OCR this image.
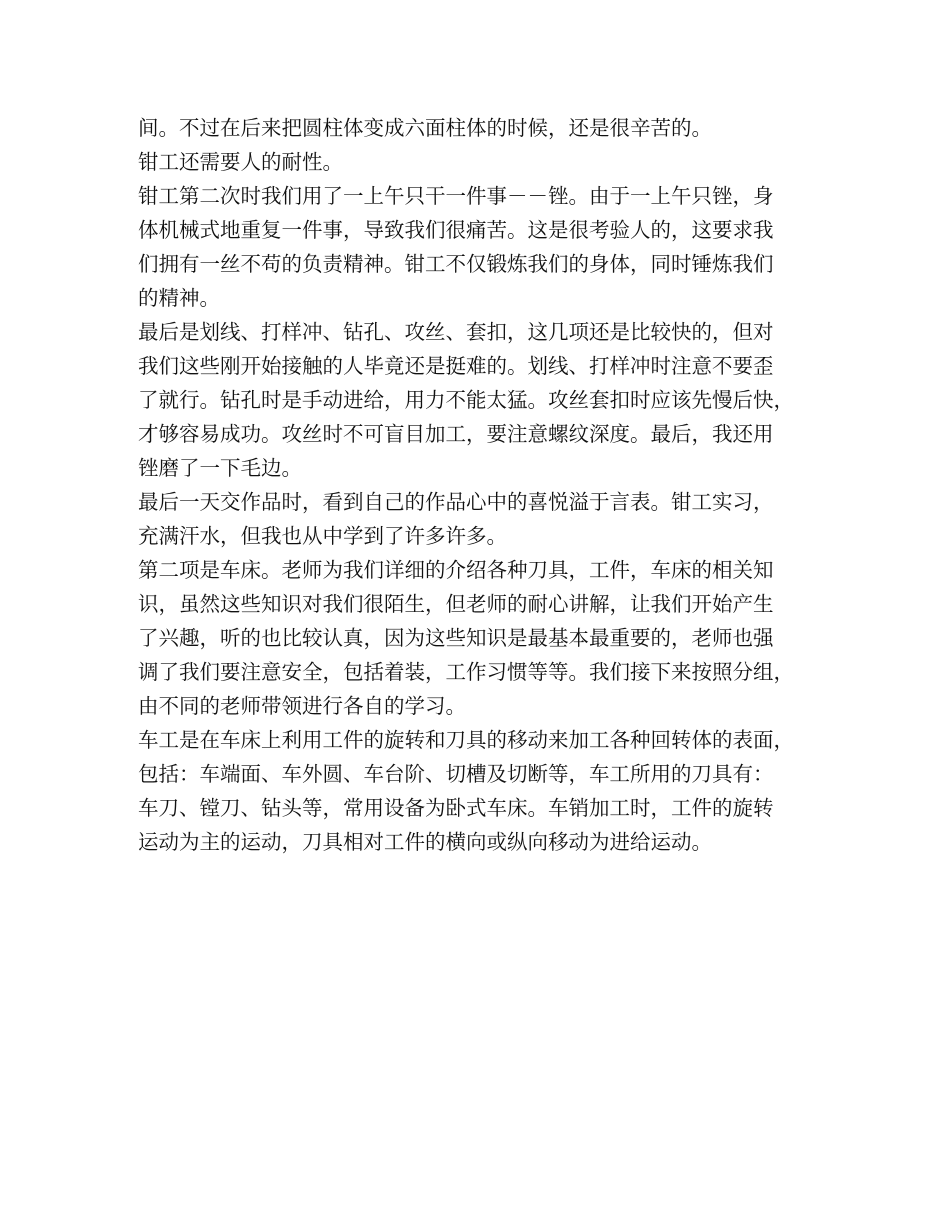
间。不过在后来把圆柱体变成六面柱体的时候，还是很辛苦的。

钳工还需要人的耐性。

钳工第二次时我们用了一上午只干一件事－－锉。由于一上午只锉，身
体机械式地重复一件事，导致我们很痛苦。这是很考验人的，这要求我
们拥有一丝不苟的负责精神。钳工不仅锻炼我们的身体，同时锤炼我们
的精神。

最后是划线、打样冲、钻孔、攻丝、套扣，这几项还是比较快的，但对
我们这些刚开始接触的人毕竟还是挺难的。划线、打样冲时注意不要歪
了就行。钻孔时是手动进给，用力不能太猛。攻丝套扣时应该先慢后快，
才够容易成功。攻丝时不可盲目加工，要注意螺纹深度。最后，我还用
锉磨了一下毛边。

最后一天交作品时，看到自己的作品心中的喜悦溢于言表。钳工实习，
充满汗水，但我也从中学到了许多许多。

第二项是车床。老师为我们详细的介绍各种刀具，工件，车床的相关知
识，虽然这些知识对我们很陌生，但老师的耐心讲解，让我们开始产生
了兴趣，听的也比较认真，因为这些知识是最基本最重要的，老师也强
调了我们要注意安全，包括着装，工作习惯等等。我们接下来按照分组，
由不同的老师带领进行各自的学习。

车工是在车床上利用工件的旋转和刀具的移动来加工各种回转体的表面，
包括：车端面、车外圆、车台阶、切槽及切断等，车工所用的刀具有：
车刀、镗刀、钻头等，常用设备为卧式车床。车销加工时，工件的旋转
运动为主的运动，刀具相对工件的横向或纵向移动为进给运动。
